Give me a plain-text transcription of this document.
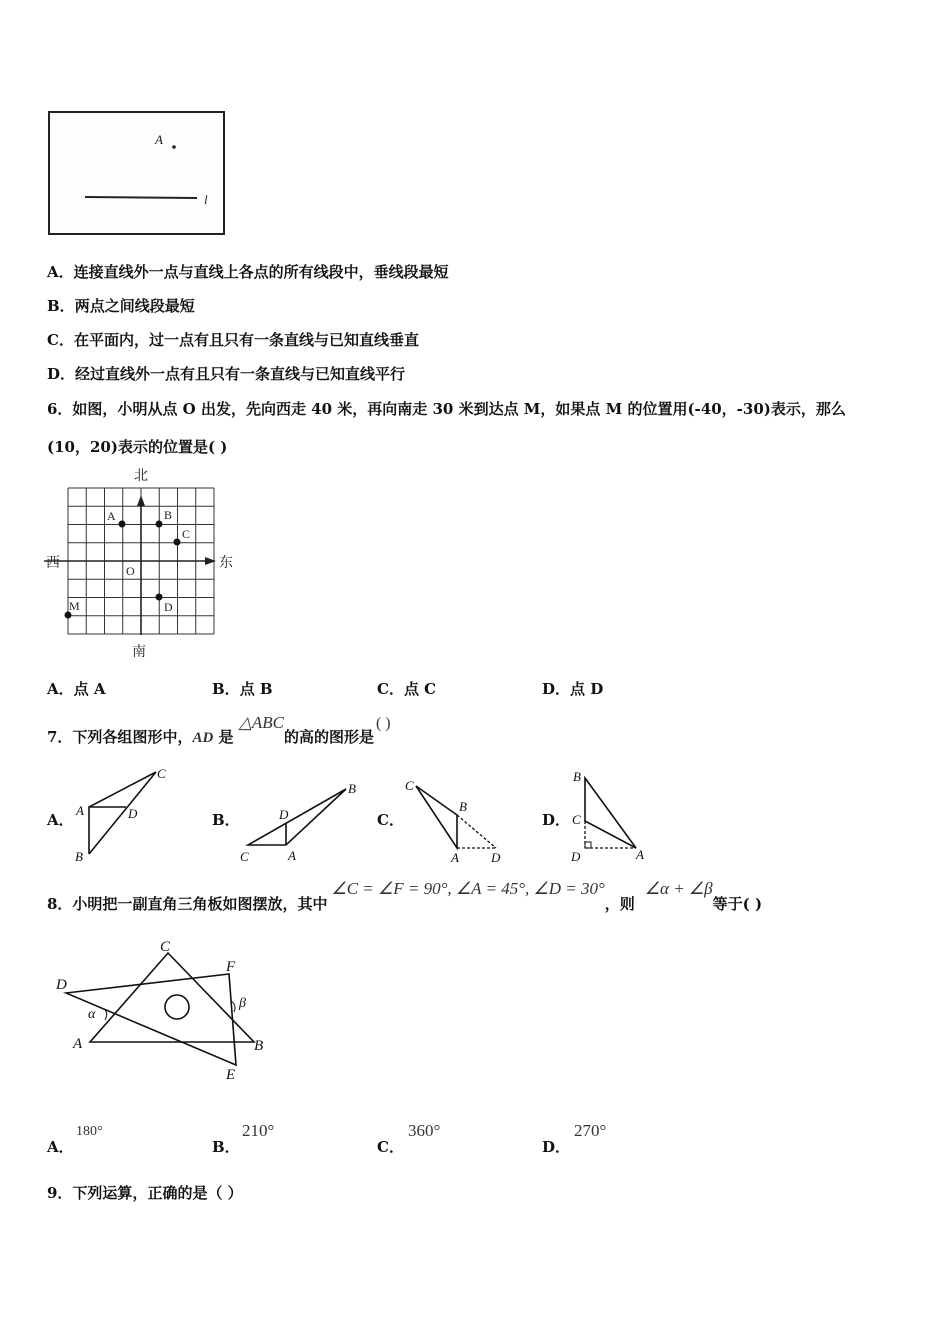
A
l
A．连接直线外一点与直线上各点的所有线段中，垂线段最短
B．两点之间线段最短
C．在平面内，过一点有且只有一条直线与已知直线垂直
D．经过直线外一点有且只有一条直线与已知直线平行
6．如图，小明从点 O 出发，先向西走 40 米，再向南走 30 米到达点 M，如果点 M 的位置用(-40，-30)表示，那么
(10，20)表示的位置是( )
北
南
西	东
O
A	B
C
D
M
A．点 A	B．点 B	C．点 C	D．点 D
7．下列各组图形中，AD 是 △ABC的高的图形是( )
A．
A
B
C
D	B．
C	A
B
D	C．
C
B
A D
D．
B
C
D	A
8．小明把一副直角三角板如图摆放，其中∠C = ∠F = 90°, ∠A = 45°, ∠D = 30°，则∠α + ∠β等于( )
A	B
C
D
E
F
α
β
A．
180°
B．
210°
C．
360°
D．
270°
9．下列运算，正确的是（ ）
